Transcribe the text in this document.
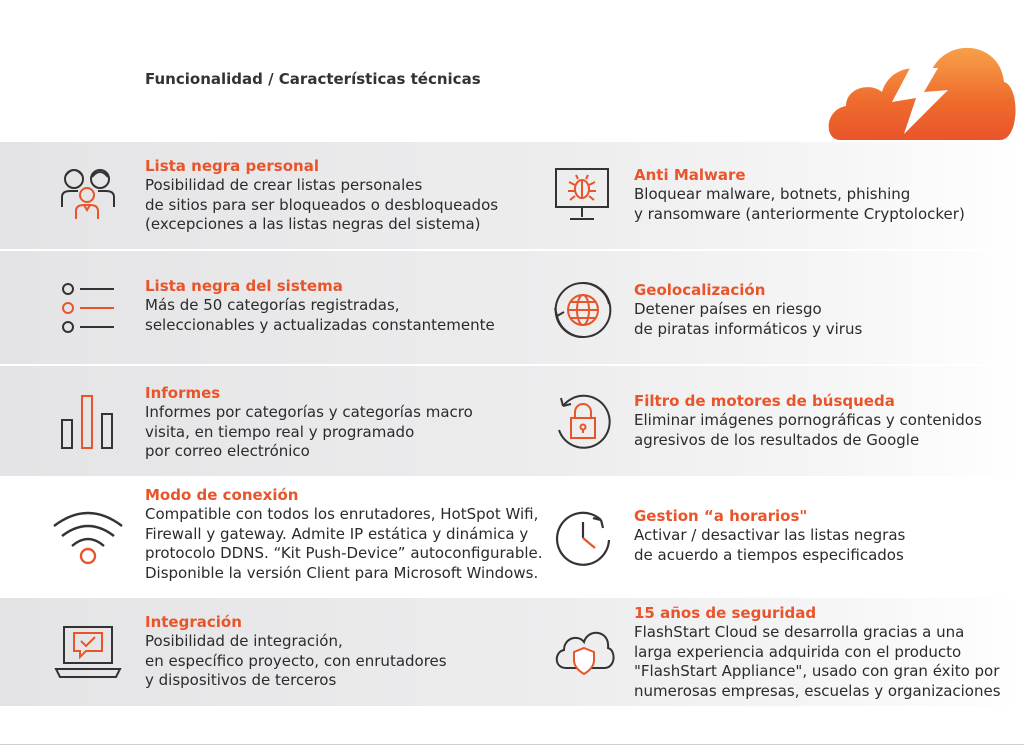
Funcionalidad / Características técnicas
Lista negra personal
Posibilidad de crear listas personales
de sitios para ser bloqueados o desbloqueados
(excepciones a las listas negras del sistema)
Lista negra del sistema
Más de 50 categorías registradas,
seleccionables y actualizadas constantemente
Informes
Informes por categorías y categorías macro
visita, en tiempo real y programado
por correo electrónico
Modo de conexión
Compatible con todos los enrutadores, HotSpot Wifi,
Firewall y gateway. Admite IP estática y dinámica y
protocolo DDNS. “Kit Push-Device” autoconfigurable.
Disponible la versión Client para Microsoft Windows.
Integración
Posibilidad de integración,
en específico proyecto, con enrutadores
y dispositivos de terceros
Anti Malware
Bloquear malware, botnets, phishing
y ransomware (anteriormente Cryptolocker)
Geolocalización
Detener países en riesgo
de piratas informáticos y virus
Filtro de motores de búsqueda
Eliminar imágenes pornográficas y contenidos
agresivos de los resultados de Google
Gestion “a horarios"
Activar / desactivar las listas negras
de acuerdo a tiempos especificados
15 años de seguridad
FlashStart Cloud se desarrolla gracias a una
larga experiencia adquirida con el producto
"FlashStart Appliance", usado con gran éxito por
numerosas empresas, escuelas y organizaciones
